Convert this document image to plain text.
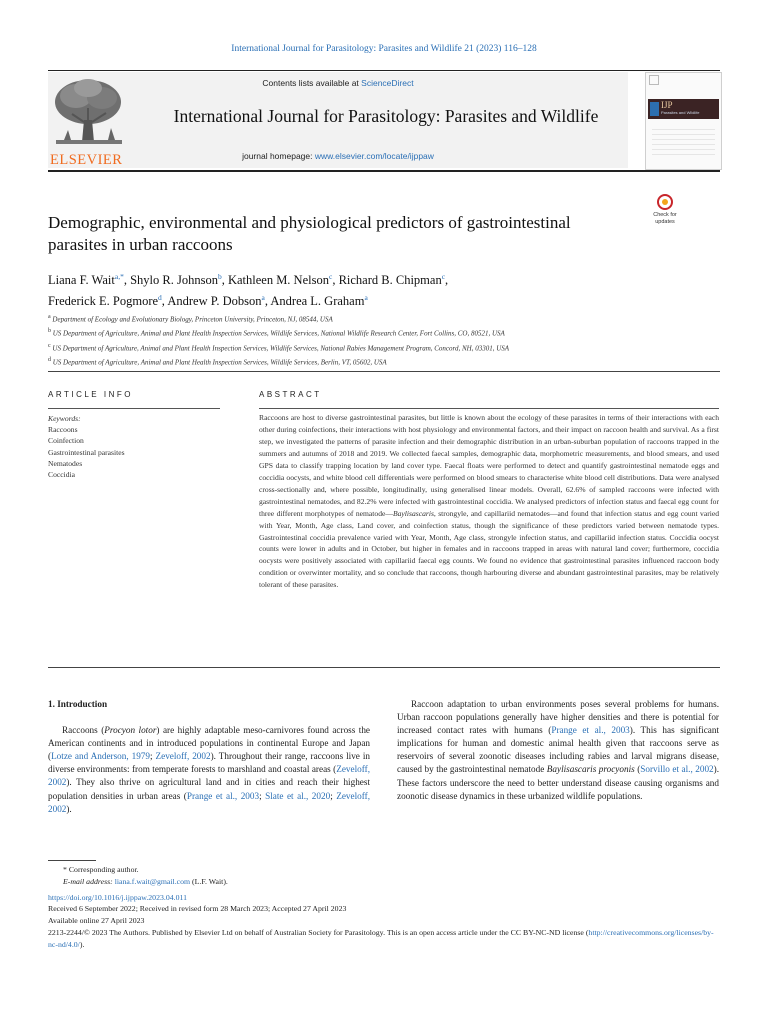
International Journal for Parasitology: Parasites and Wildlife 21 (2023) 116–128
ELSEVIER
Contents lists available at ScienceDirect
International Journal for Parasitology: Parasites and Wildlife
journal homepage: www.elsevier.com/locate/ijppaw
IJP
Parasites and Wildlife
Check for
updates
Demographic, environmental and physiological predictors of gastrointestinal parasites in urban raccoons
Liana F. Wait$^{a,*}$, Shylo R. Johnson$^b$, Kathleen M. Nelson$^c$, Richard B. Chipman$^c$,
Frederick E. Pogmore$^d$, Andrew P. Dobson$^a$, Andrea L. Graham$^a$
a Department of Ecology and Evolutionary Biology, Princeton University, Princeton, NJ, 08544, USA
b US Department of Agriculture, Animal and Plant Health Inspection Services, Wildlife Services, National Wildlife Research Center, Fort Collins, CO, 80521, USA
c US Department of Agriculture, Animal and Plant Health Inspection Services, Wildlife Services, National Rabies Management Program, Concord, NH, 03301, USA
d US Department of Agriculture, Animal and Plant Health Inspection Services, Wildlife Services, Berlin, VT, 05602, USA
ARTICLE INFO
Keywords:
Raccoons
Coinfection
Gastrointestinal parasites
Nematodes
Coccidia
ABSTRACT
Raccoons are host to diverse gastrointestinal parasites, but little is known about the ecology of these parasites in terms of their interactions with each other during coinfections, their interactions with host physiology and environmental factors, and their impact on raccoon health and survival. As a first step, we investigated the patterns of parasite infection and their demographic distribution in an urban-suburban population of raccoons trapped in the summers and autumns of 2018 and 2019. We collected faecal samples, demographic data, morphometric measurements, and blood smears, and used GPS data to classify trapping location by land cover type. Faecal floats were performed to detect and quantify gastrointestinal nematode eggs and coccidia oocysts, and white blood cell differentials were performed on blood smears to characterise white blood cell distributions. Data were analysed cross-sectionally and, where possible, longitudinally, using generalised linear models. Overall, 62.6% of sampled raccoons were infected with gastrointestinal nematodes, and 82.2% were infected with gastrointestinal coccidia. We analysed predictors of infection status and faecal egg count for three different morphotypes of nematode—Baylisascaris, strongyle, and capillariid nematodes—and found that infection status and egg count varied with Year, Month, Age class, Land cover, and coinfection status, though the significance of these predictors varied between nematode types. Gastrointestinal coccidia prevalence varied with Year, Month, Age class, strongyle infection status, and capillariid infection status. Coccidia oocyst counts were lower in adults and in October, but higher in females and in raccoons trapped in areas with natural land cover; furthermore, coccidia oocysts were positively associated with capillariid faecal egg counts. We found no evidence that gastrointestinal parasites influenced raccoon body condition or overwinter mortality, and so conclude that raccoons, though harbouring diverse and abundant gastrointestinal parasites, may be relatively tolerant of these parasites.
1. Introduction

Raccoons (Procyon lotor) are highly adaptable meso-carnivores found across the American continents and in introduced populations in continental Europe and Japan (Lotze and Anderson, 1979; Zeveloff, 2002). Throughout their range, raccoons live in diverse environments: from temperate forests to marshland and coastal areas (Zeveloff, 2002). They also thrive on agricultural land and in cities and reach their highest population densities in urban areas (Prange et al., 2003; Slate et al., 2020; Zeveloff, 2002).

Raccoon adaptation to urban environments poses several problems for humans. Urban raccoon populations generally have higher densities and there is potential for increased contact rates with humans (Prange et al., 2003). This has significant implications for human and domestic animal health given that raccoons serve as reservoirs of several zoonotic diseases including rabies and larval migrans disease, caused by the gastrointestinal nematode Baylisascaris procyonis (Sorvillo et al., 2002). These factors underscore the need to better understand disease causing organisms and zoonotic disease dynamics in these urbanized wildlife populations.

* Corresponding author.
E-mail address: liana.f.wait@gmail.com (L.F. Wait).
https://doi.org/10.1016/j.ijppaw.2023.04.011
Received 6 September 2022; Received in revised form 28 March 2023; Accepted 27 April 2023
Available online 27 April 2023
2213-2244/© 2023 The Authors. Published by Elsevier Ltd on behalf of Australian Society for Parasitology. This is an open access article under the CC BY-NC-ND license (http://creativecommons.org/licenses/by-nc-nd/4.0/).
